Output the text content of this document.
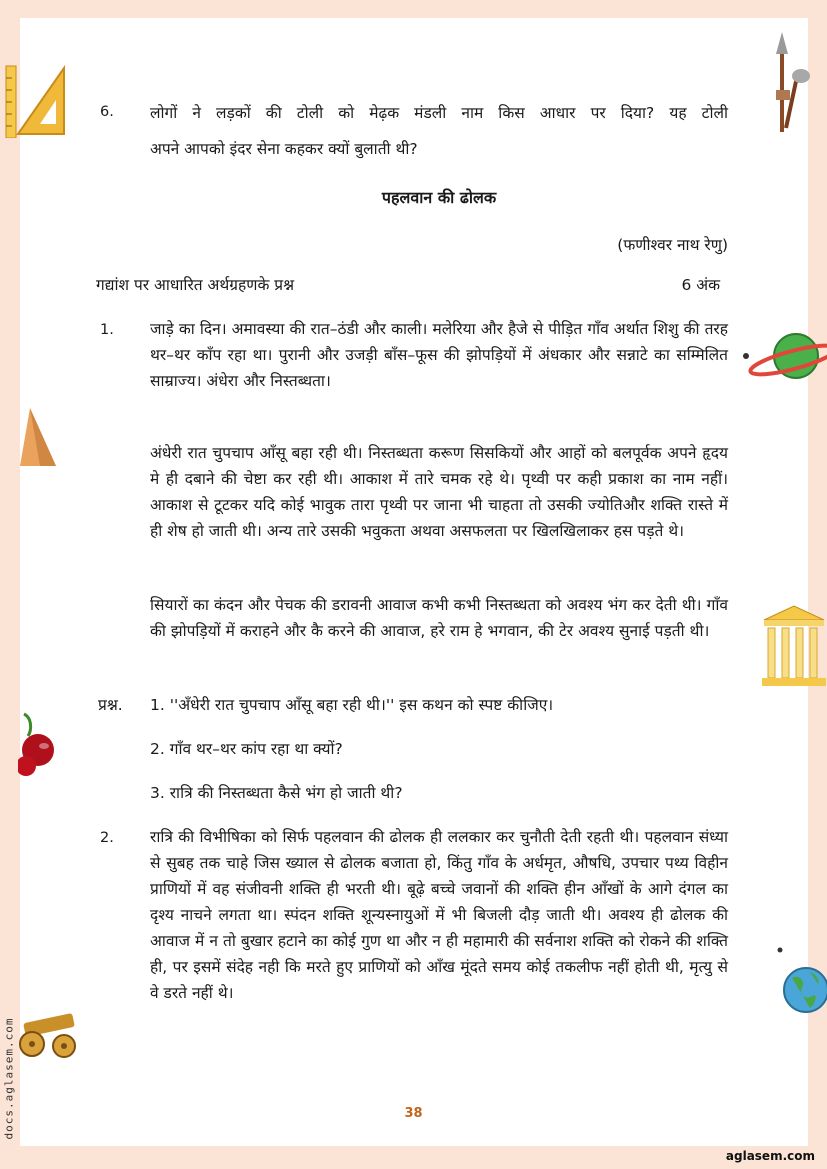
docs.aglasem.com
6. लोगों ने लड़कों की टोली को मेढ़क मंडली नाम किस आधार पर दिया? यह टोली
अपने आपको इंदर सेना कहकर क्यों बुलाती थी?
पहलवान की ढोलक
(फणीश्वर नाथ रेणु)
गद्यांश पर आधारित अर्थग्रहणके प्रश्न	6 अंक
1. जाड़े का दिन। अमावस्या की रात–ठंडी और काली। मलेरिया और हैजे से पीड़ित गाँव अर्थात शिशु की तरह थर–थर काँप रहा था। पुरानी और उजड़ी बाँस–फूस की झोपड़ियों में अंधकार और सन्नाटे का सम्मिलित साम्राज्य। अंधेरा और निस्तब्धता।
अंधेरी रात चुपचाप आँसू बहा रही थी। निस्तब्धता करूण सिसकियों और आहों को बलपूर्वक अपने हृदय मे ही दबाने की चेष्टा कर रही थी। आकाश में तारे चमक रहे थे। पृथ्वी पर कही प्रकाश का नाम नहीं। आकाश से टूटकर यदि कोई भावुक तारा पृथ्वी पर जाना भी चाहता तो उसकी ज्योतिऔर शक्ति रास्ते में ही शेष हो जाती थी। अन्य तारे उसकी भवुकता अथवा असफलता पर खिलखिलाकर हस पड़ते थे।
सियारों का कंदन और पेचक की डरावनी आवाज कभी कभी निस्तब्धता को अवश्य भंग कर देती थी। गाँव की झोपड़ियों में कराहने और कै करने की आवाज, हरे राम हे भगवान, की टेर अवश्य सुनाई पड़ती थी।
प्रश्न. 1. ''अँधेरी रात चुपचाप आँसू बहा रही थी।'' इस कथन को स्पष्ट कीजिए।
2. गाँव थर–थर कांप रहा था क्यों?
3. रात्रि की निस्तब्धता कैसे भंग हो जाती थी?
2. रात्रि की विभीषिका को सिर्फ पहलवान की ढोलक ही ललकार कर चुनौती देती रहती थी। पहलवान संध्या से सुबह तक चाहे जिस ख्याल से ढोलक बजाता हो, किंतु गाँव के अर्धमृत, औषधि, उपचार पथ्य विहीन प्राणियों में वह संजीवनी शक्ति ही भरती थी। बूढ़े बच्चे जवानों की शक्ति हीन आँखों के आगे दंगल का दृश्य नाचने लगता था। स्पंदन शक्ति शून्यस्नायुओं में भी बिजली दौड़ जाती थी। अवश्य ही ढोलक की आवाज में न तो बुखार हटाने का कोई गुण था और न ही महामारी की सर्वनाश शक्ति को रोकने की शक्ति ही, पर इसमें संदेह नही कि मरते हुए प्राणियों को आँख मूंदते समय कोई तकलीफ नहीं होती थी, मृत्यु से वे डरते नहीं थे।
38
aglasem.com
